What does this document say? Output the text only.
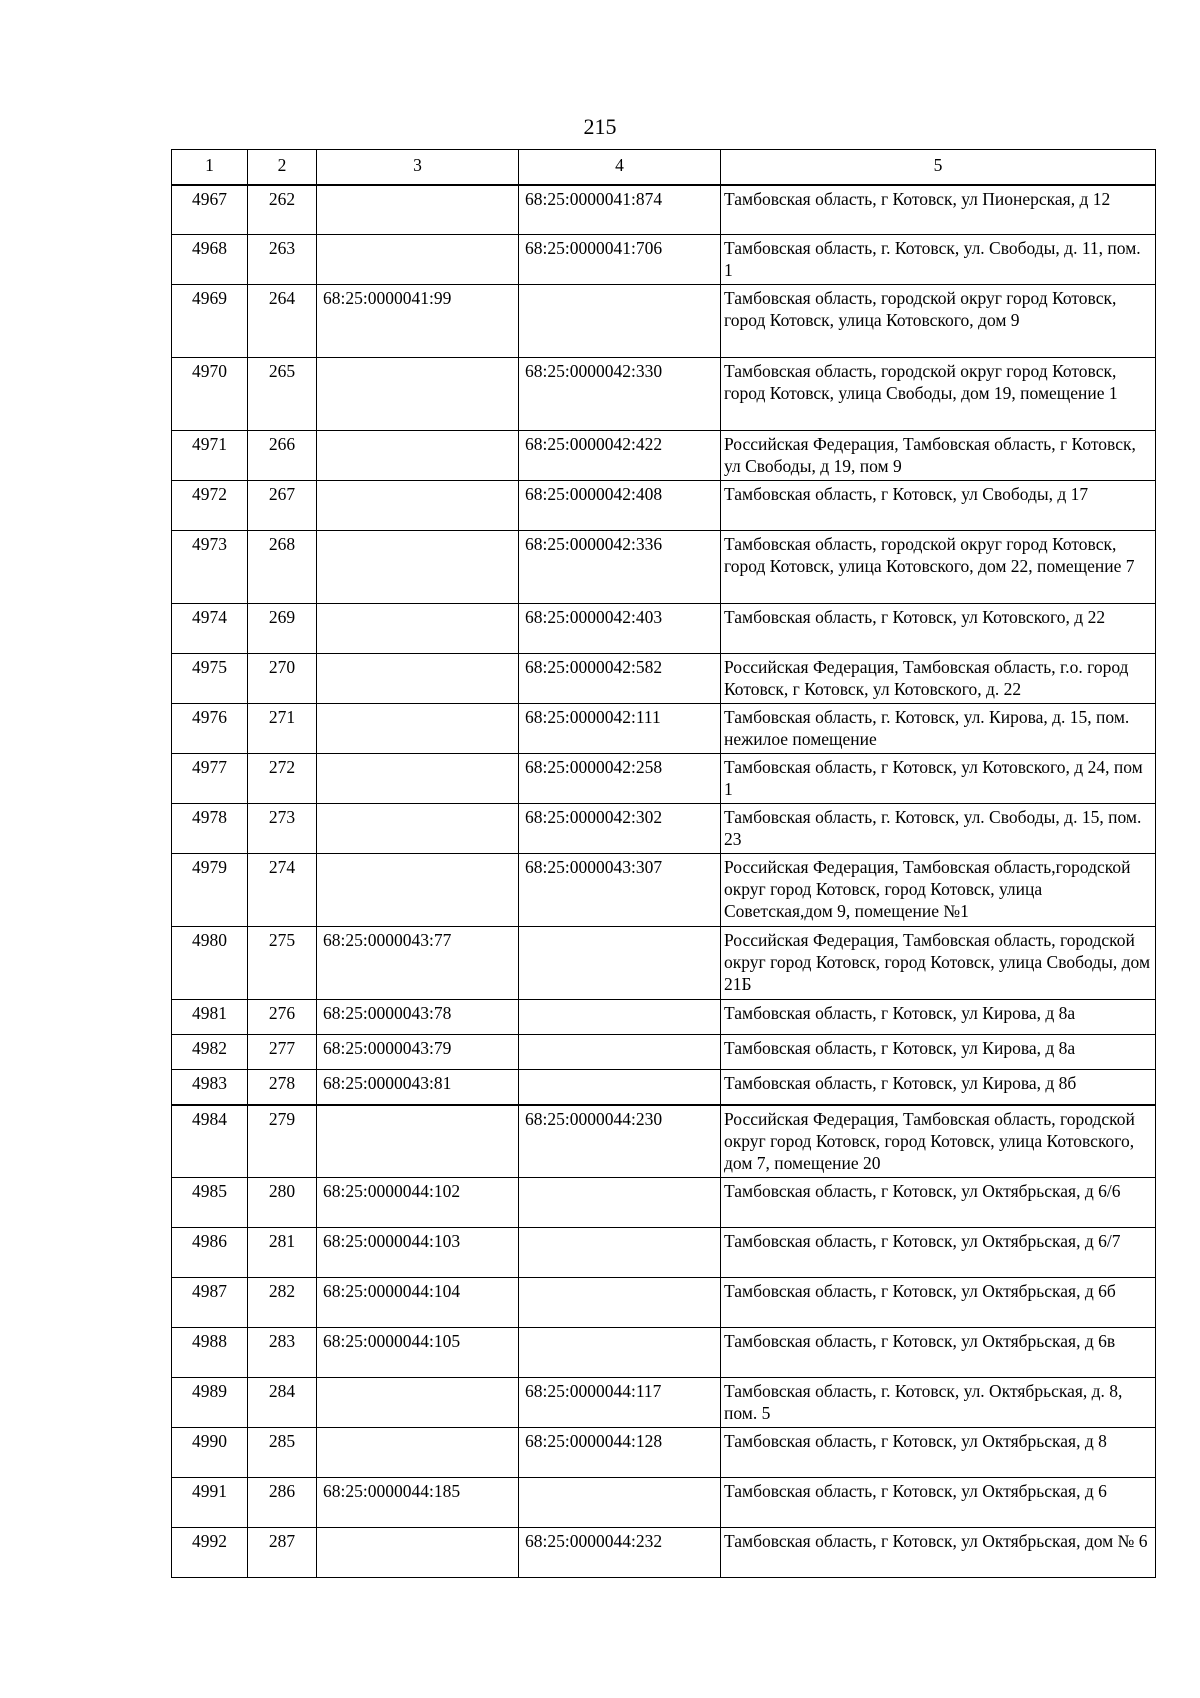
215
1	2	3	4	5
4967	262		68:25:0000041:874	Тамбовская область, г Котовск, ул Пионерская, д 12
4968	263		68:25:0000041:706	Тамбовская область, г. Котовск, ул. Свободы, д. 11, пом. 1
4969	264	68:25:0000041:99		Тамбовская область, городской округ город Котовск, город Котовск, улица Котовского, дом 9
4970	265		68:25:0000042:330	Тамбовская область, городской округ город Котовск, город Котовск, улица Свободы, дом 19, помещение 1
4971	266		68:25:0000042:422	Российская Федерация, Тамбовская область, г Котовск, ул Свободы, д 19, пом 9
4972	267		68:25:0000042:408	Тамбовская область, г Котовск, ул Свободы, д 17
4973	268		68:25:0000042:336	Тамбовская область, городской округ город Котовск, город Котовск, улица Котовского, дом 22, помещение 7
4974	269		68:25:0000042:403	Тамбовская область, г Котовск, ул Котовского, д 22
4975	270		68:25:0000042:582	Российская Федерация, Тамбовская область, г.о. город Котовск, г Котовск, ул Котовского, д. 22
4976	271		68:25:0000042:111	Тамбовская область, г. Котовск, ул. Кирова, д. 15, пом. нежилое помещение
4977	272		68:25:0000042:258	Тамбовская область, г Котовск, ул Котовского, д 24, пом 1
4978	273		68:25:0000042:302	Тамбовская область, г. Котовск, ул. Свободы, д. 15, пом. 23
4979	274		68:25:0000043:307	Российская Федерация, Тамбовская область,городской округ город Котовск, город Котовск, улица Советская,дом 9, помещение №1
4980	275	68:25:0000043:77		Российская Федерация, Тамбовская область, городской округ город Котовск, город Котовск, улица Свободы, дом 21Б
4981	276	68:25:0000043:78		Тамбовская область, г Котовск, ул Кирова, д 8а
4982	277	68:25:0000043:79		Тамбовская область, г Котовск, ул Кирова, д 8а
4983	278	68:25:0000043:81		Тамбовская область, г Котовск, ул Кирова, д 8б
4984	279		68:25:0000044:230	Российская Федерация, Тамбовская область, городской округ город Котовск, город Котовск, улица Котовского, дом 7, помещение 20
4985	280	68:25:0000044:102		Тамбовская область, г Котовск, ул Октябрьская, д 6/6
4986	281	68:25:0000044:103		Тамбовская область, г Котовск, ул Октябрьская, д 6/7
4987	282	68:25:0000044:104		Тамбовская область, г Котовск, ул Октябрьская, д 6б
4988	283	68:25:0000044:105		Тамбовская область, г Котовск, ул Октябрьская, д 6в
4989	284		68:25:0000044:117	Тамбовская область, г. Котовск, ул. Октябрьская, д. 8, пом. 5
4990	285		68:25:0000044:128	Тамбовская область, г Котовск, ул Октябрьская, д 8
4991	286	68:25:0000044:185		Тамбовская область, г Котовск, ул Октябрьская, д 6
4992	287		68:25:0000044:232	Тамбовская область, г Котовск, ул Октябрьская, дом № 6
